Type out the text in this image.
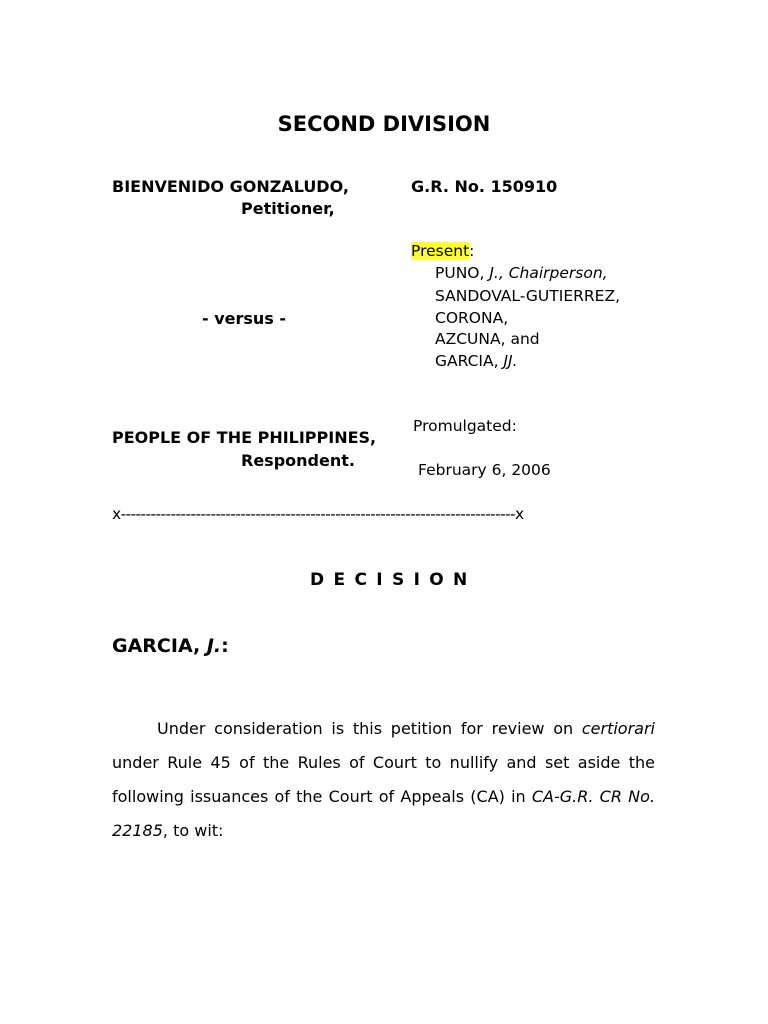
SECOND DIVISION
BIENVENIDO GONZALUDO,
Petitioner,
G.R. No. 150910
Present:
PUNO, J., Chairperson,
SANDOVAL-GUTIERREZ,
CORONA,
AZCUNA, and
GARCIA, JJ.
- versus -
PEOPLE OF THE PHILIPPINES,
Respondent.
Promulgated:
February 6, 2006
x-------------------------------------------------------------------------------x
DECISION
GARCIA, J.:
Under consideration is this petition for review on certiorari under Rule 45 of the Rules of Court to nullify and set aside the following issuances of the Court of Appeals (CA) in CA-G.R. CR No. 22185, to wit:
